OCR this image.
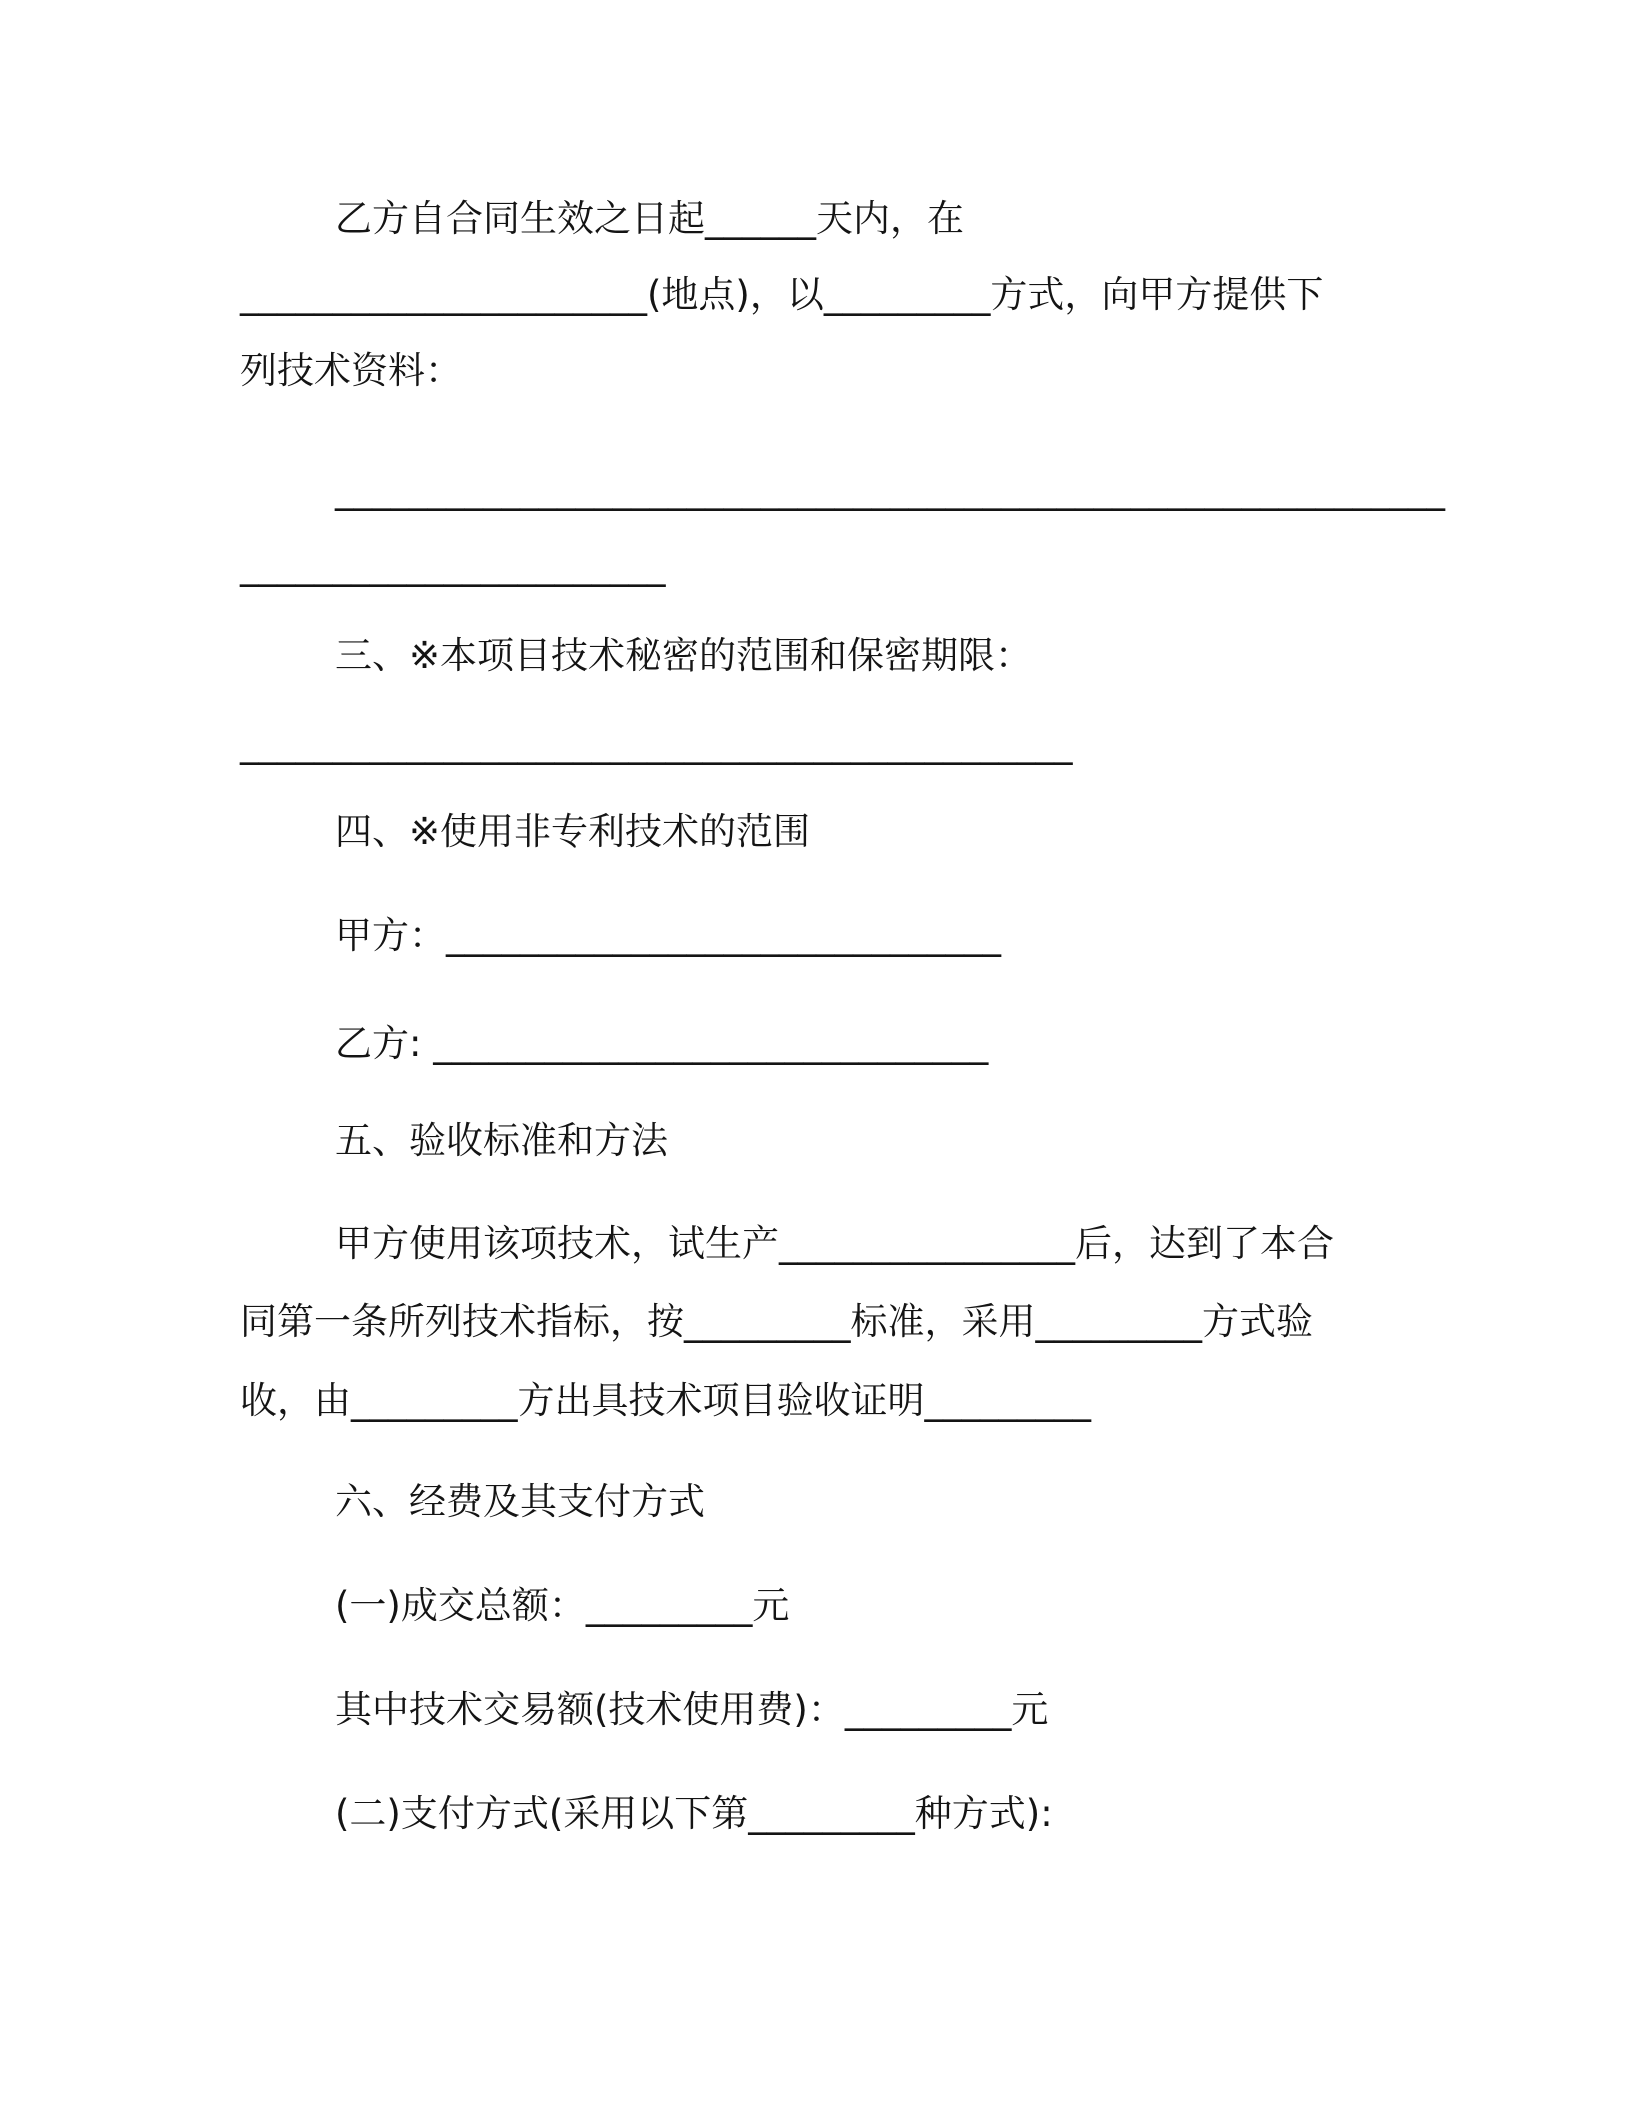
乙方自合同生效之日起______天内，在

______________________(地点)，以_________方式，向甲方提供下

列技术资料：

____________________________________________________________

_______________________

三、※本项目技术秘密的范围和保密期限：

_____________________________________________

四、※使用非专利技术的范围

甲方：______________________________

乙方: ______________________________

五、验收标准和方法

甲方使用该项技术，试生产________________后，达到了本合

同第一条所列技术指标，按_________标准，采用_________方式验

收，由_________方出具技术项目验收证明_________

六、经费及其支付方式

(一)成交总额：_________元

其中技术交易额(技术使用费)：_________元

(二)支付方式(采用以下第_________种方式):
